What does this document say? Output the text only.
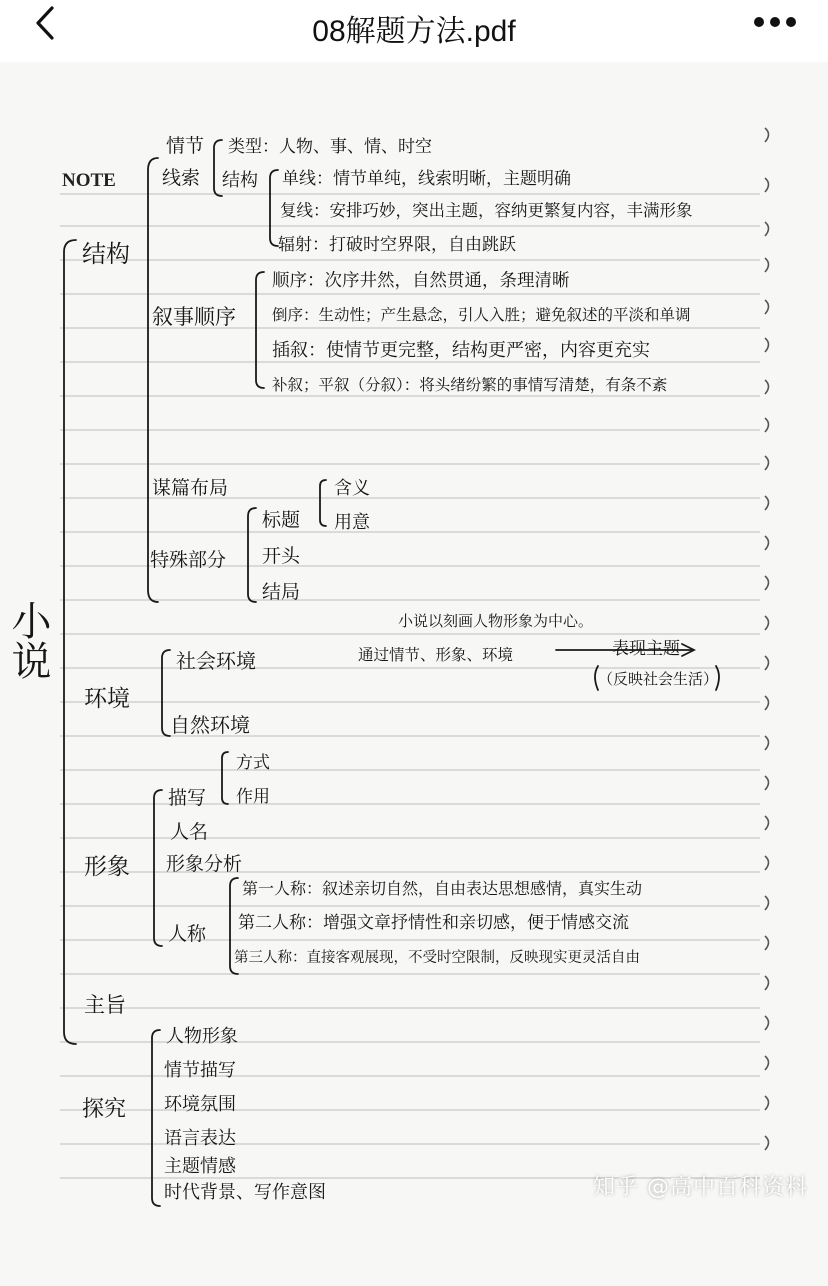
08解题方法.pdf
NOTE
小说
结构
情节
线索
类型：人物、事、情、时空
结构 单线：情节单纯，线索明晰，主题明确
复线：安排巧妙，突出主题，容纳更繁复内容，丰满形象
辐射：打破时空界限，自由跳跃
叙事顺序
顺序：次序井然，自然贯通，条理清晰
倒序：生动性；产生悬念，引人入胜；避免叙述的平淡和单调
插叙：使情节更完整，结构更严密，内容更充实
补叙；平叙（分叙）：将头绪纷繁的事情写清楚，有条不紊
谋篇布局
特殊部分
标题
含义
用意
开头
结局
小说以刻画人物形象为中心。
环境
社会环境	通过情节、形象、环境	表现主题
（反映社会生活）
自然环境
形象
描写
方式
作用
人名
形象分析
人称
第一人称：叙述亲切自然，自由表达思想感情，真实生动
第二人称：增强文章抒情性和亲切感，便于情感交流
第三人称：直接客观展现，不受时空限制，反映现实更灵活自由
主旨
探究
人物形象
情节描写
环境氛围
语言表达
主题情感
时代背景、写作意图	知乎 @高中百科资料
